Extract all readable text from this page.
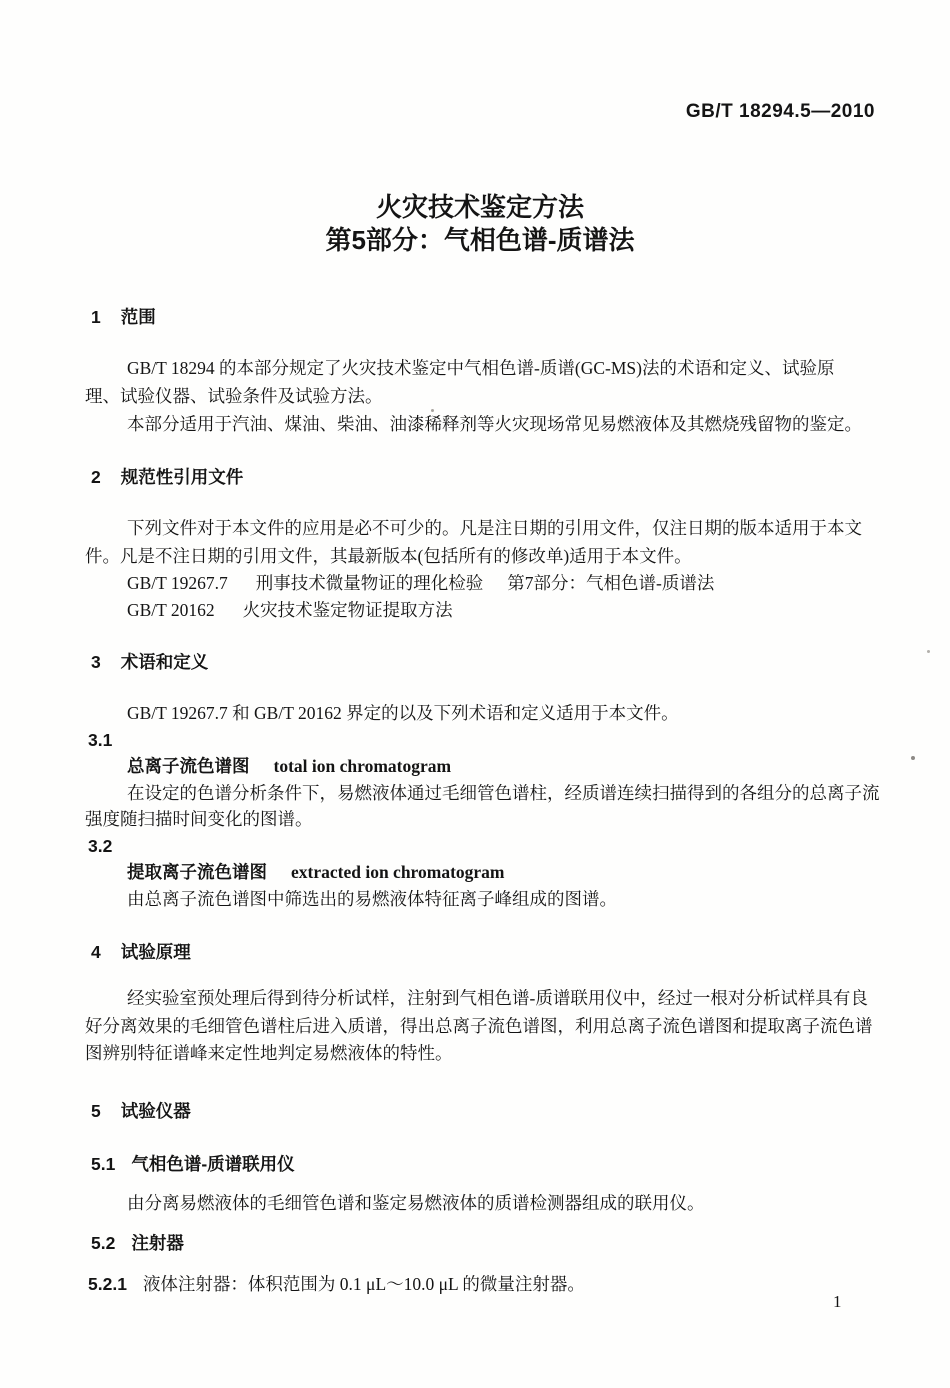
GB/T 18294.5—2010
火灾技术鉴定方法
第5部分：气相色谱-质谱法
1 范围
GB/T 18294 的本部分规定了火灾技术鉴定中气相色谱-质谱(GC-MS)法的术语和定义、试验原
理、试验仪器、试验条件及试验方法。
本部分适用于汽油、煤油、柴油、油漆稀释剂等火灾现场常见易燃液体及其燃烧残留物的鉴定。
2 规范性引用文件
下列文件对于本文件的应用是必不可少的。凡是注日期的引用文件，仅注日期的版本适用于本文
件。凡是不注日期的引用文件，其最新版本(包括所有的修改单)适用于本文件。
GB/T 19267.7 刑事技术微量物证的理化检验 第7部分：气相色谱-质谱法
GB/T 20162 火灾技术鉴定物证提取方法
3 术语和定义
GB/T 19267.7 和 GB/T 20162 界定的以及下列术语和定义适用于本文件。
3.1
总离子流色谱图 total ion chromatogram
在设定的色谱分析条件下，易燃液体通过毛细管色谱柱，经质谱连续扫描得到的各组分的总离子流
强度随扫描时间变化的图谱。
3.2
提取离子流色谱图 extracted ion chromatogram
由总离子流色谱图中筛选出的易燃液体特征离子峰组成的图谱。
4 试验原理
经实验室预处理后得到待分析试样，注射到气相色谱-质谱联用仪中，经过一根对分析试样具有良
好分离效果的毛细管色谱柱后进入质谱，得出总离子流色谱图，利用总离子流色谱图和提取离子流色谱
图辨别特征谱峰来定性地判定易燃液体的特性。
5 试验仪器
5.1 气相色谱-质谱联用仪
由分离易燃液体的毛细管色谱和鉴定易燃液体的质谱检测器组成的联用仪。
5.2 注射器
5.2.1 液体注射器：体积范围为 0.1 μL～10.0 μL 的微量注射器。
1
